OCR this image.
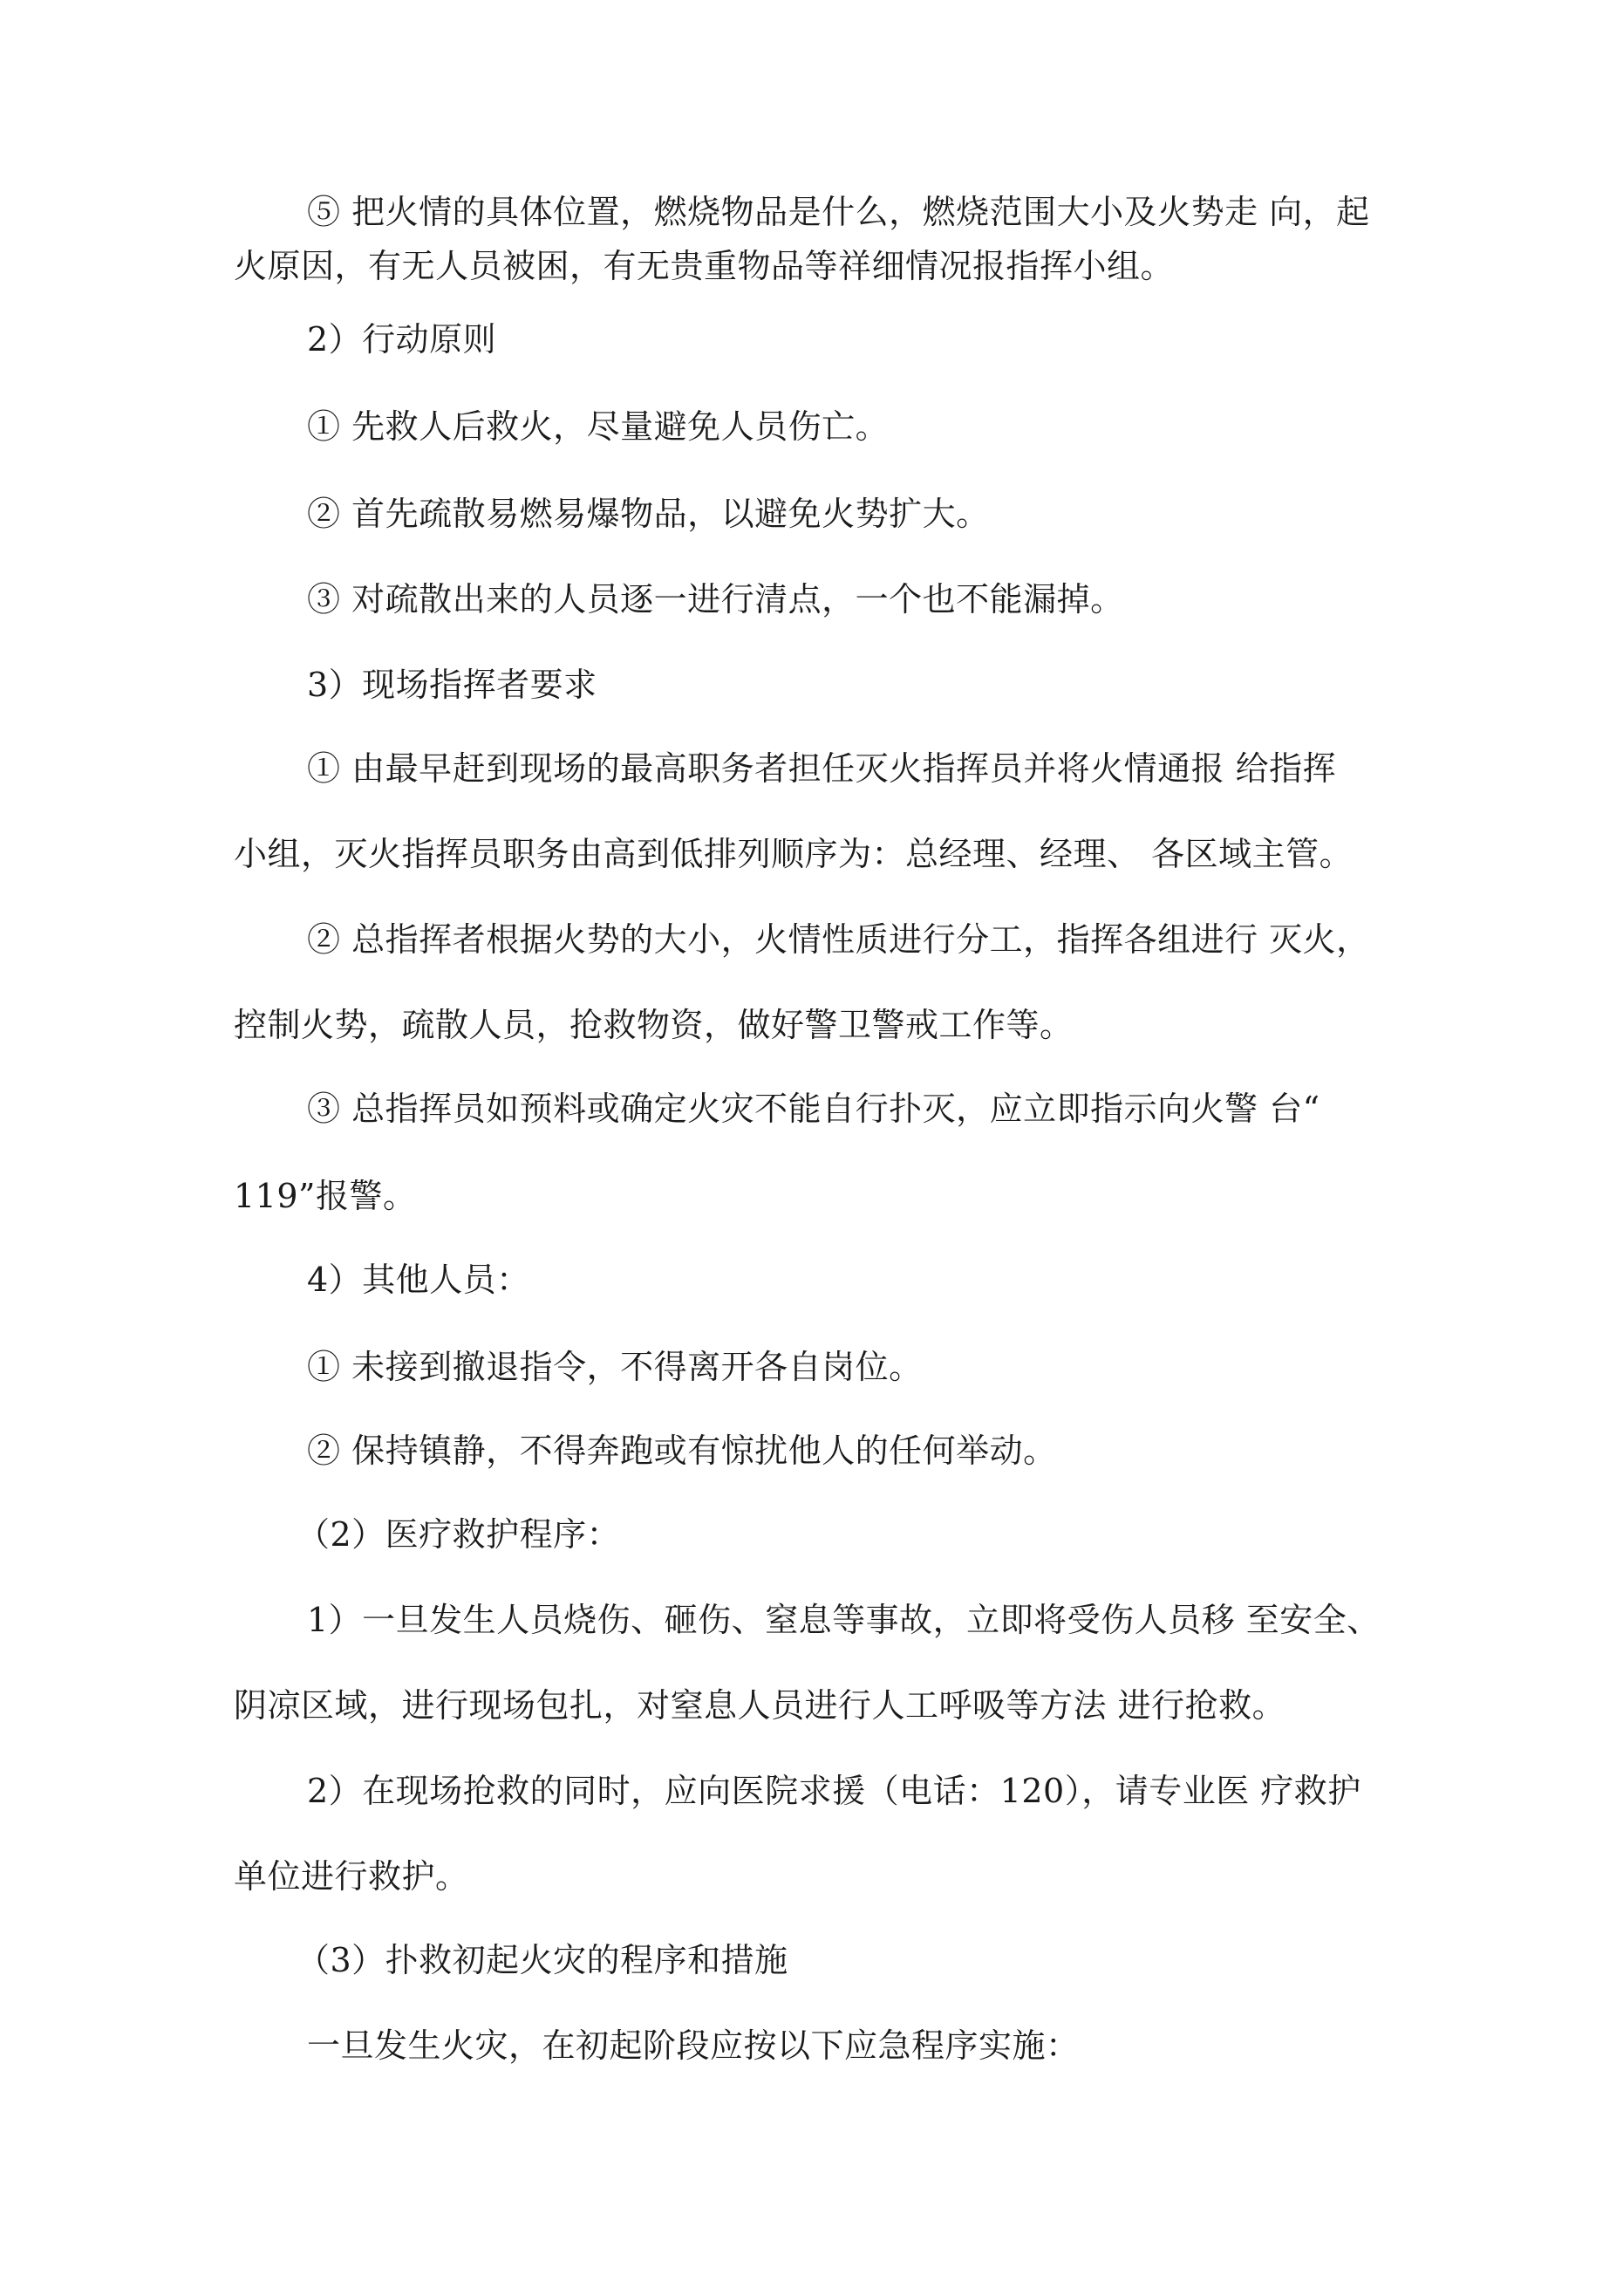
⑤ 把火情的具体位置，燃烧物品是什么，燃烧范围大小及火势走 向，起

火原因，有无人员被困，有无贵重物品等祥细情况报指挥小组。

2）行动原则

① 先救人后救火，尽量避免人员伤亡。

② 首先疏散易燃易爆物品，以避免火势扩大。

③ 对疏散出来的人员逐一进行清点，一个也不能漏掉。

3）现场指挥者要求

① 由最早赶到现场的最高职务者担任灭火指挥员并将火情通报 给指挥

小组，灭火指挥员职务由高到低排列顺序为：总经理、经理、 各区域主管。

② 总指挥者根据火势的大小，火情性质进行分工，指挥各组进行 灭火，

控制火势，疏散人员，抢救物资，做好警卫警戒工作等。

③ 总指挥员如预料或确定火灾不能自行扑灭，应立即指示向火警 台“

119”报警。

4）其他人员：

① 未接到撤退指令，不得离开各自岗位。

② 保持镇静，不得奔跑或有惊扰他人的任何举动。

（2）医疗救护程序：

1）一旦发生人员烧伤、砸伤、窒息等事故，立即将受伤人员移 至安全、

阴凉区域，进行现场包扎，对窒息人员进行人工呼吸等方法 进行抢救。

2）在现场抢救的同时，应向医院求援（电话：120），请专业医 疗救护

单位进行救护。

（3）扑救初起火灾的程序和措施

一旦发生火灾，在初起阶段应按以下应急程序实施：
